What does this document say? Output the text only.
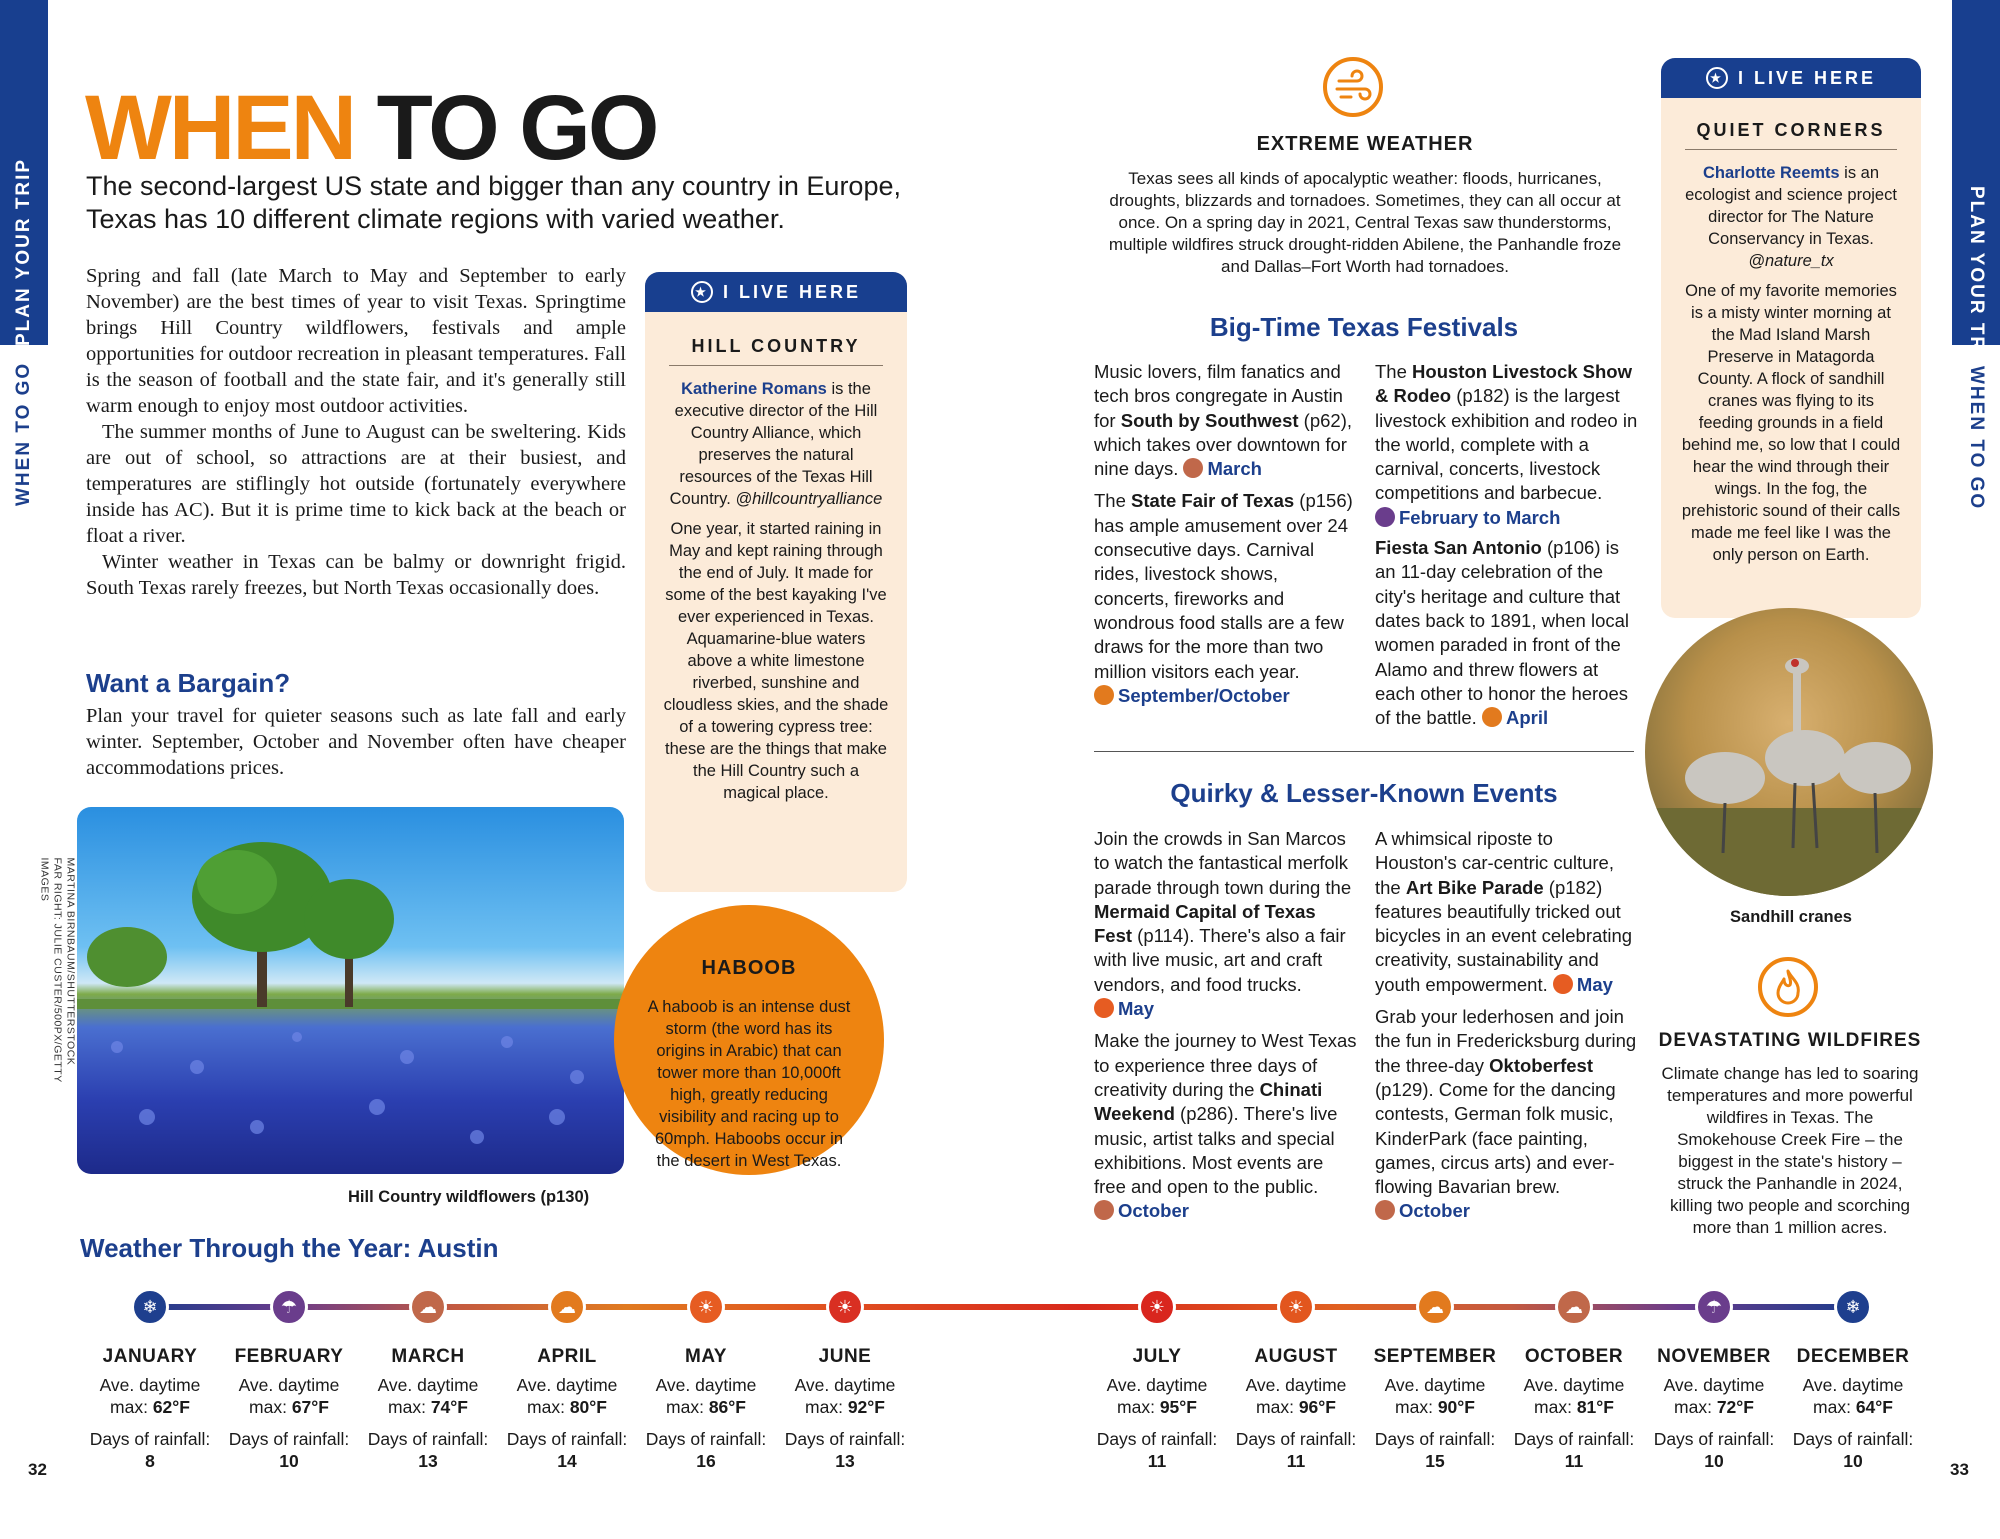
PLAN YOUR TRIP
WHEN TO GO
PLAN YOUR TRIP
WHEN TO GO
WHEN TO GO
The second-largest US state and bigger than any country in Europe, Texas has 10 different climate regions with varied weather.

Spring and fall (late March to May and September to early November) are the best times of year to visit Texas. Springtime brings Hill Country wildflowers, festivals and ample opportunities for outdoor recreation in pleasant temperatures. Fall is the season of football and the state fair, and it's generally still warm enough to enjoy most outdoor activities.

The summer months of June to August can be sweltering. Kids are out of school, so attractions are at their busiest, and temperatures are stiflingly hot outside (fortunately everywhere inside has AC). But it is prime time to kick back at the beach or float a river.

Winter weather in Texas can be balmy or downright frigid. South Texas rarely freezes, but North Texas occasionally does.

Want a Bargain?
Plan your travel for quieter seasons such as late fall and early winter. September, October and November often have cheaper accommodations prices.
MARTINA BIRNBAUM/SHUTTERSTOCK
FAR RIGHT: JULIE CUSTER/500PX/GETTY IMAGES
Hill Country wildflowers (p130)
★ I LIVE HERE
HILL COUNTRY
Katherine Romans is the executive director of the Hill Country Alliance, which preserves the natural resources of the Texas Hill Country. @hillcountryalliance
One year, it started raining in May and kept raining through the end of July. It made for some of the best kayaking I've ever experienced in Texas. Aquamarine-blue waters above a white limestone riverbed, sunshine and cloudless skies, and the shade of a towering cypress tree: these are the things that make the Hill Country such a magical place.
HABOOB
A haboob is an intense dust storm (the word has its origins in Arabic) that can tower more than 10,000ft high, greatly reducing visibility and racing up to 60mph. Haboobs occur in the desert in West Texas.
EXTREME WEATHER
Texas sees all kinds of apocalyptic weather: floods, hurricanes, droughts, blizzards and tornadoes. Sometimes, they can all occur at once. On a spring day in 2021, Central Texas saw thunderstorms, multiple wildfires struck drought-ridden Abilene, the Panhandle froze and Dallas–Fort Worth had tornadoes.
Big-Time Texas Festivals
Music lovers, film fanatics and tech bros congregate in Austin for South by Southwest (p62), which takes over downtown for nine days. March
The State Fair of Texas (p156) has ample amusement over 24 consecutive days. Carnival rides, livestock shows, concerts, fireworks and wondrous food stalls are a few draws for the more than two million visitors each year.
September/October
The Houston Livestock Show & Rodeo (p182) is the largest livestock exhibition and rodeo in the world, complete with a carnival, concerts, livestock competitions and barbecue.
February to March
Fiesta San Antonio (p106) is an 11-day celebration of the city's heritage and culture that dates back to 1891, when local women paraded in front of the Alamo and threw flowers at each other to honor the heroes of the battle. April
Quirky & Lesser-Known Events
Join the crowds in San Marcos to watch the fantastical merfolk parade through town during the Mermaid Capital of Texas Fest (p114). There's also a fair with live music, art and craft vendors, and food trucks.
May
Make the journey to West Texas to experience three days of creativity during the Chinati Weekend (p286). There's live music, artist talks and special exhibitions. Most events are free and open to the public.
October
A whimsical riposte to Houston's car-centric culture, the Art Bike Parade (p182) features beautifully tricked out bicycles in an event celebrating creativity, sustainability and youth empowerment. May
Grab your lederhosen and join the fun in Fredericksburg during the three-day Oktoberfest (p129). Come for the dancing contests, German folk music, KinderPark (face painting, games, circus arts) and ever-flowing Bavarian brew. October
★ I LIVE HERE
QUIET CORNERS
Charlotte Reemts is an ecologist and science project director for The Nature Conservancy in Texas. @nature_tx
One of my favorite memories is a misty winter morning at the Mad Island Marsh Preserve in Matagorda County. A flock of sandhill cranes was flying to its feeding grounds in a field behind me, so low that I could hear the wind through their wings. In the fog, the prehistoric sound of their calls made me feel like I was the only person on Earth.
Sandhill cranes
DEVASTATING WILDFIRES
Climate change has led to soaring temperatures and more powerful wildfires in Texas. The Smokehouse Creek Fire – the biggest in the state's history – struck the Panhandle in 2024, killing two people and scorching more than 1 million acres.
Weather Through the Year: Austin
❄
JANUARY
Ave. daytime
max: 62°F
Days of rainfall:
8
☂
FEBRUARY
Ave. daytime
max: 67°F
Days of rainfall:
10
☁
MARCH
Ave. daytime
max: 74°F
Days of rainfall:
13
☁
APRIL
Ave. daytime
max: 80°F
Days of rainfall:
14
☀
MAY
Ave. daytime
max: 86°F
Days of rainfall:
16
☀
JUNE
Ave. daytime
max: 92°F
Days of rainfall:
13
☀
JULY
Ave. daytime
max: 95°F
Days of rainfall:
11
☀
AUGUST
Ave. daytime
max: 96°F
Days of rainfall:
11
☁
SEPTEMBER
Ave. daytime
max: 90°F
Days of rainfall:
15
☁
OCTOBER
Ave. daytime
max: 81°F
Days of rainfall:
11
☂
NOVEMBER
Ave. daytime
max: 72°F
Days of rainfall:
10
❄
DECEMBER
Ave. daytime
max: 64°F
Days of rainfall:
10
32	33
